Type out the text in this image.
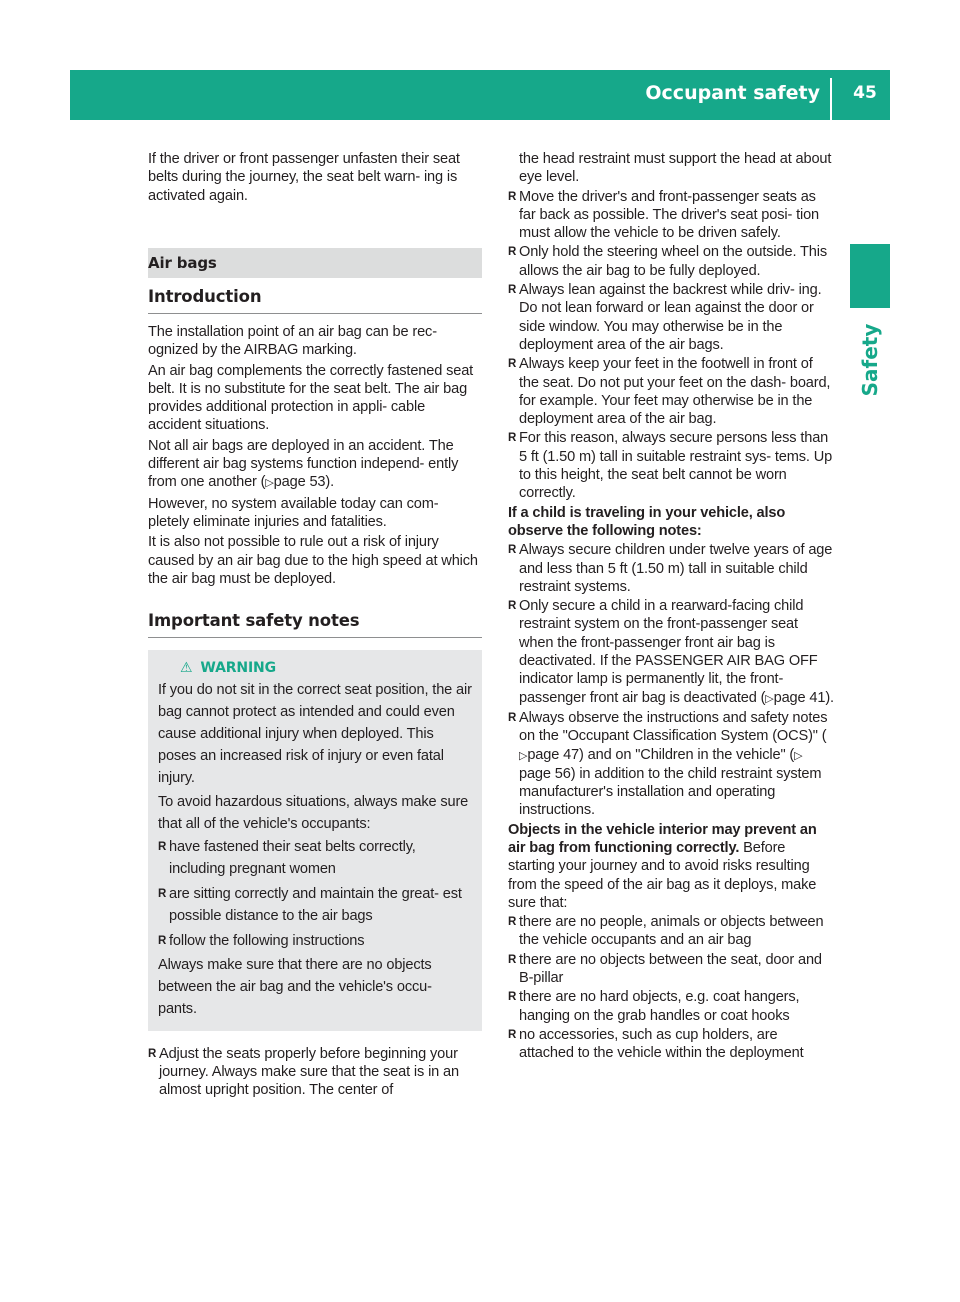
Occupant safety	45
Safety

If the driver or front passenger unfasten their seat belts during the journey, the seat belt warn- ing is activated again.

Air bags
Introduction

The installation point of an air bag can be rec- ognized by the AIRBAG marking.

An air bag complements the correctly fastened seat belt. It is no substitute for the seat belt. The air bag provides additional protection in appli- cable accident situations.

Not all air bags are deployed in an accident. The different air bag systems function independ- ently from one another (▷page 53).

However, no system available today can com- pletely eliminate injuries and fatalities.

It is also not possible to rule out a risk of injury caused by an air bag due to the high speed at which the air bag must be deployed.

Important safety notes
⚠ WARNING

If you do not sit in the correct seat position, the air bag cannot protect as intended and could even cause additional injury when deployed. This poses an increased risk of injury or even fatal injury.

To avoid hazardous situations, always make sure that all of the vehicle's occupants:

R have fastened their seat belts correctly, including pregnant women
R are sitting correctly and maintain the great- est possible distance to the air bags
R follow the following instructions

Always make sure that there are no objects between the air bag and the vehicle's occu- pants.

R Adjust the seats properly before beginning your journey. Always make sure that the seat is in an almost upright position. The center of

the head restraint must support the head at about eye level.

R Move the driver's and front-passenger seats as far back as possible. The driver's seat posi- tion must allow the vehicle to be driven safely.
R Only hold the steering wheel on the outside. This allows the air bag to be fully deployed.
R Always lean against the backrest while driv- ing. Do not lean forward or lean against the door or side window. You may otherwise be in the deployment area of the air bags.
R Always keep your feet in the footwell in front of the seat. Do not put your feet on the dash- board, for example. Your feet may otherwise be in the deployment area of the air bag.
R For this reason, always secure persons less than 5 ft (1.50 m) tall in suitable restraint sys- tems. Up to this height, the seat belt cannot be worn correctly.

If a child is traveling in your vehicle, also observe the following notes:

R Always secure children under twelve years of age and less than 5 ft (1.50 m) tall in suitable child restraint systems.
R Only secure a child in a rearward-facing child restraint system on the front-passenger seat when the front-passenger front air bag is deactivated. If the PASSENGER AIR BAG OFF indicator lamp is permanently lit, the front- passenger front air bag is deactivated (▷page 41).
R Always observe the instructions and safety notes on the "Occupant Classification System (OCS)" (▷page 47) and on "Children in the vehicle" (▷page 56) in addition to the child restraint system manufacturer's installation and operating instructions.

Objects in the vehicle interior may prevent an air bag from functioning correctly. Before starting your journey and to avoid risks resulting from the speed of the air bag as it deploys, make sure that:

R there are no people, animals or objects between the vehicle occupants and an air bag
R there are no objects between the seat, door and B-pillar
R there are no hard objects, e.g. coat hangers, hanging on the grab handles or coat hooks
R no accessories, such as cup holders, are attached to the vehicle within the deployment
